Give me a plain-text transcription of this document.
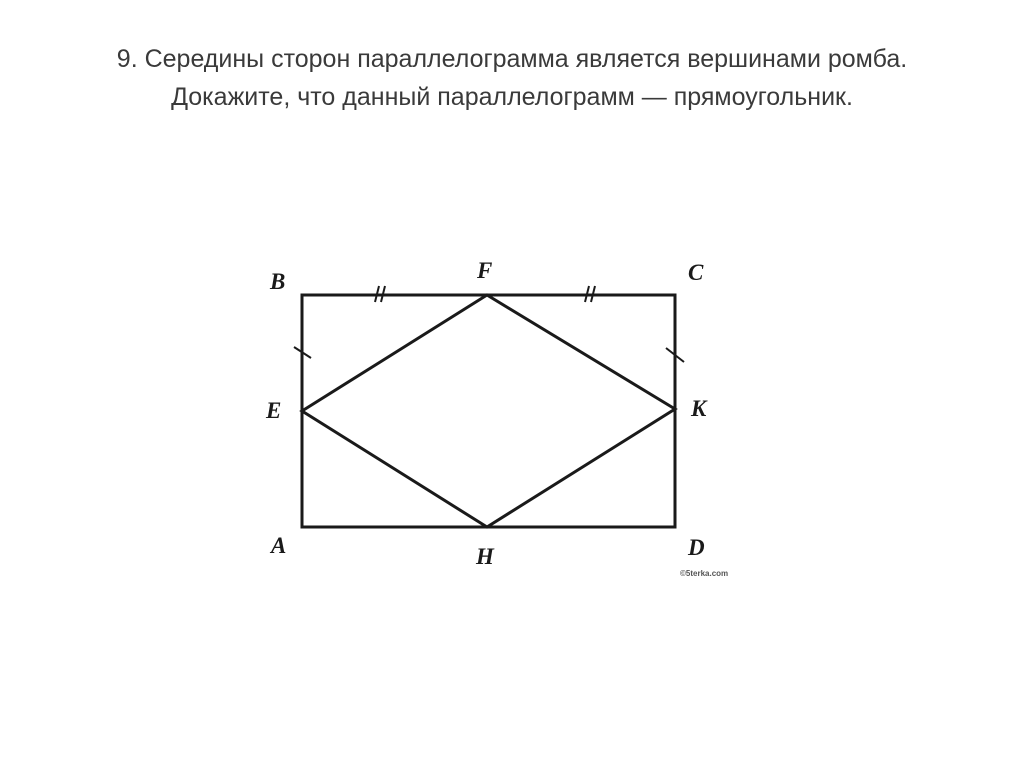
9. Середины сторон параллелограмма является вершинами ромба.
Докажите, что данный параллелограмм — прямоугольник.
B	F	C
E	K
A	H	D
©5terka.com
